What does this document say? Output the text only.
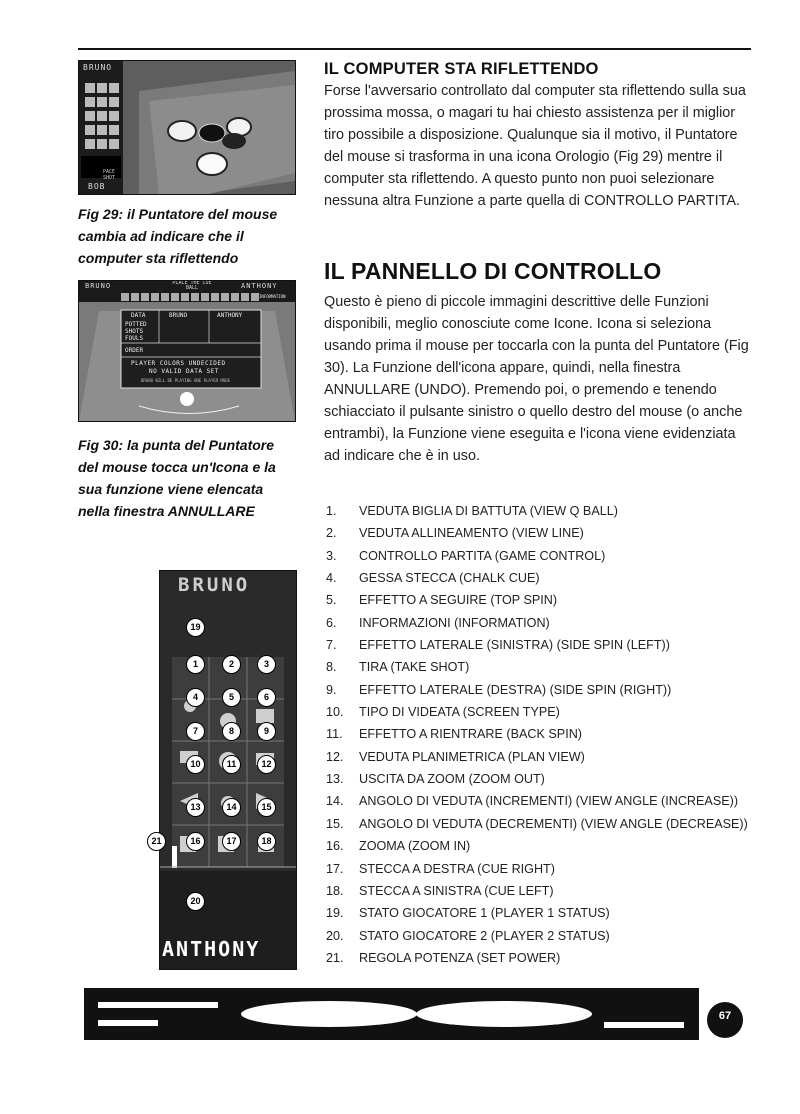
BRUNO
PACE SHOT
BOB
Fig 29: il Puntatore del mouse cambia ad indicare che il computer sta riflettendo
BRUNO	PLACE THE CUE BALL	ANTHONY
INFORMATION
DATA	BRUNO	ANTHONY
POTTED
SHOTS
FOULS
ORDER
PLAYER COLORS UNDECIDED
NO VALID DATA SET
BRUNO WILL BE PLAYING ONE PLAYER MODE
Fig 30: la punta del Puntatore del mouse tocca un'Icona e la sua funzione viene elencata nella finestra ANNULLARE
IL COMPUTER STA RIFLETTENDO

Forse l'avversario controllato dal computer sta riflettendo sulla sua prossima mossa, o magari tu hai chiesto assistenza per il miglior tiro possibile a disposizione. Qualunque sia il motivo, il Puntatore del mouse si trasforma in una icona Orologio (Fig 29) mentre il computer sta riflettendo. A questo punto non puoi selezionare nessuna altra Funzione a parte quella di CONTROLLO PARTITA.

IL PANNELLO DI CONTROLLO

Questo è pieno di piccole immagini descrittive delle Funzioni disponibili, meglio conosciute come Icone. Icona si seleziona usando prima il mouse per toccarla con la punta del Puntatore (Fig 30). La Funzione dell'icona appare, quindi, nella finestra ANNULLARE (UNDO). Premendo poi, o premendo e tenendo schiacciato il pulsante sinistro o quello destro del mouse (o anche entrambi), la Funzione viene eseguita e l'icona viene evidenziata ad indicare che è in uso.

BRUNO
ANTHONY
19
1	2	3
4	5	6
7	8	9
10	11	12
13	14	15
16	17	18
21
20
1. VEDUTA BIGLIA DI BATTUTA (VIEW Q BALL)
2. VEDUTA ALLINEAMENTO (VIEW LINE)
3. CONTROLLO PARTITA (GAME CONTROL)
4. GESSA STECCA (CHALK CUE)
5. EFFETTO A SEGUIRE (TOP SPIN)
6. INFORMAZIONI (INFORMATION)
7. EFFETTO LATERALE (SINISTRA) (SIDE SPIN (LEFT))
8. TIRA (TAKE SHOT)
9. EFFETTO LATERALE (DESTRA) (SIDE SPIN (RIGHT))
10. TIPO DI VIDEATA (SCREEN TYPE)
11. EFFETTO A RIENTRARE (BACK SPIN)
12. VEDUTA PLANIMETRICA (PLAN VIEW)
13. USCITA DA ZOOM (ZOOM OUT)
14. ANGOLO DI VEDUTA (INCREMENTI) (VIEW ANGLE (INCREASE))
15. ANGOLO DI VEDUTA (DECREMENTI) (VIEW ANGLE (DECREASE))
16. ZOOMA (ZOOM IN)
17. STECCA A DESTRA (CUE RIGHT)
18. STECCA A SINISTRA (CUE LEFT)
19. STATO GIOCATORE 1 (PLAYER 1 STATUS)
20. STATO GIOCATORE 2 (PLAYER 2 STATUS)
21. REGOLA POTENZA (SET POWER)
67
